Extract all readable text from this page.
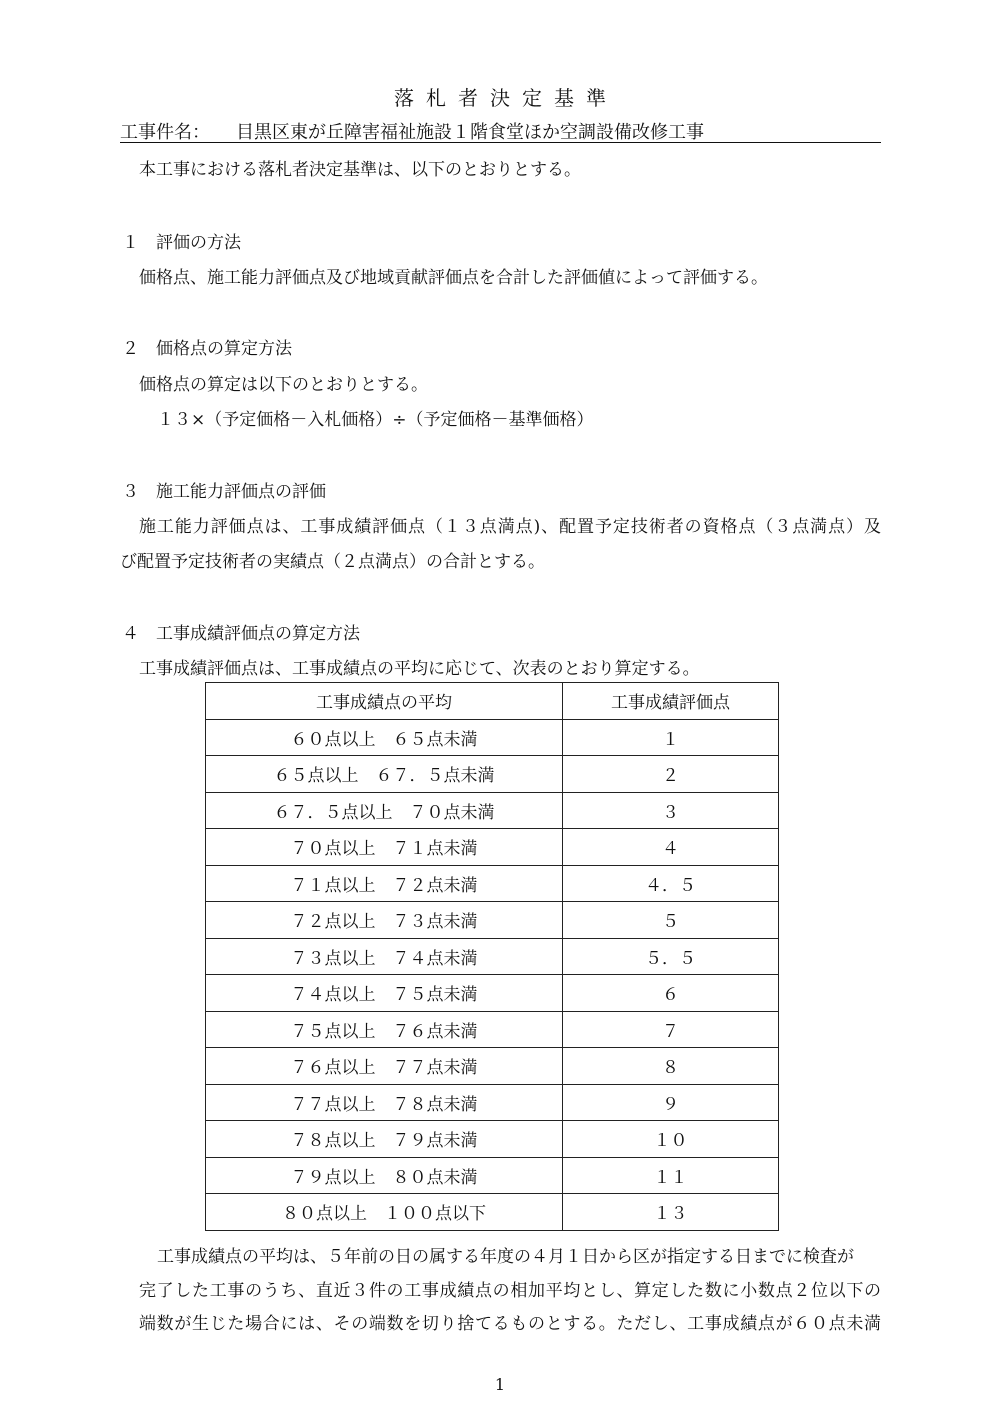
落札者決定基準
工事件名： 目黒区東が丘障害福祉施設１階食堂ほか空調設備改修工事
本工事における落札者決定基準は、以下のとおりとする。
１ 評価の方法
価格点、施工能力評価点及び地域貢献評価点を合計した評価値によって評価する。
２ 価格点の算定方法
価格点の算定は以下のとおりとする。
１３×（予定価格－入札価格）÷（予定価格－基準価格）
３ 施工能力評価点の評価
施工能力評価点は、工事成績評価点（１３点満点)、配置予定技術者の資格点（３点満点）及
び配置予定技術者の実績点（２点満点）の合計とする。
４ 工事成績評価点の算定方法
工事成績評価点は、工事成績点の平均に応じて、次表のとおり算定する。
工事成績点の平均	工事成績評価点
６０点以上　６５点未満	１
６５点以上　６７．５点未満	２
６７．５点以上　７０点未満	３
７０点以上　７１点未満	４
７１点以上　７２点未満	４．５
７２点以上　７３点未満	５
７３点以上　７４点未満	５．５
７４点以上　７５点未満	６
７５点以上　７６点未満	７
７６点以上　７７点未満	８
７７点以上　７８点未満	９
７８点以上　７９点未満	１０
７９点以上　８０点未満	１１
８０点以上　１００点以下	１３
工事成績点の平均は、５年前の日の属する年度の４月１日から区が指定する日までに検査が
完了した工事のうち、直近３件の工事成績点の相加平均とし、算定した数に小数点２位以下の
端数が生じた場合には、その端数を切り捨てるものとする。ただし、工事成績点が６０点未満
1
